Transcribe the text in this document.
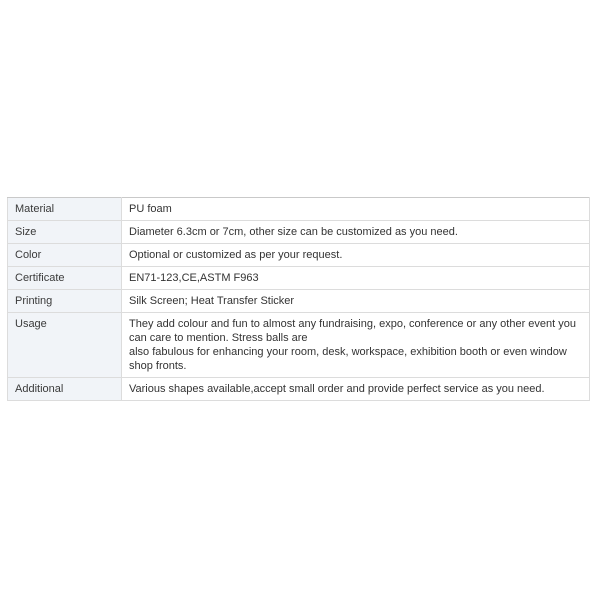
Material	PU foam
Size	Diameter 6.3cm or 7cm, other size can be customized as you need.
Color	Optional or customized as per your request.
Certificate	EN71-123,CE,ASTM F963
Printing	Silk Screen; Heat Transfer Sticker
Usage	They add colour and fun to almost any fundraising, expo, conference or any other event you can care to mention. Stress balls are
also fabulous for enhancing your room, desk, workspace, exhibition booth or even window shop fronts.

Additional	Various shapes available,accept small order and provide perfect service as you need.
